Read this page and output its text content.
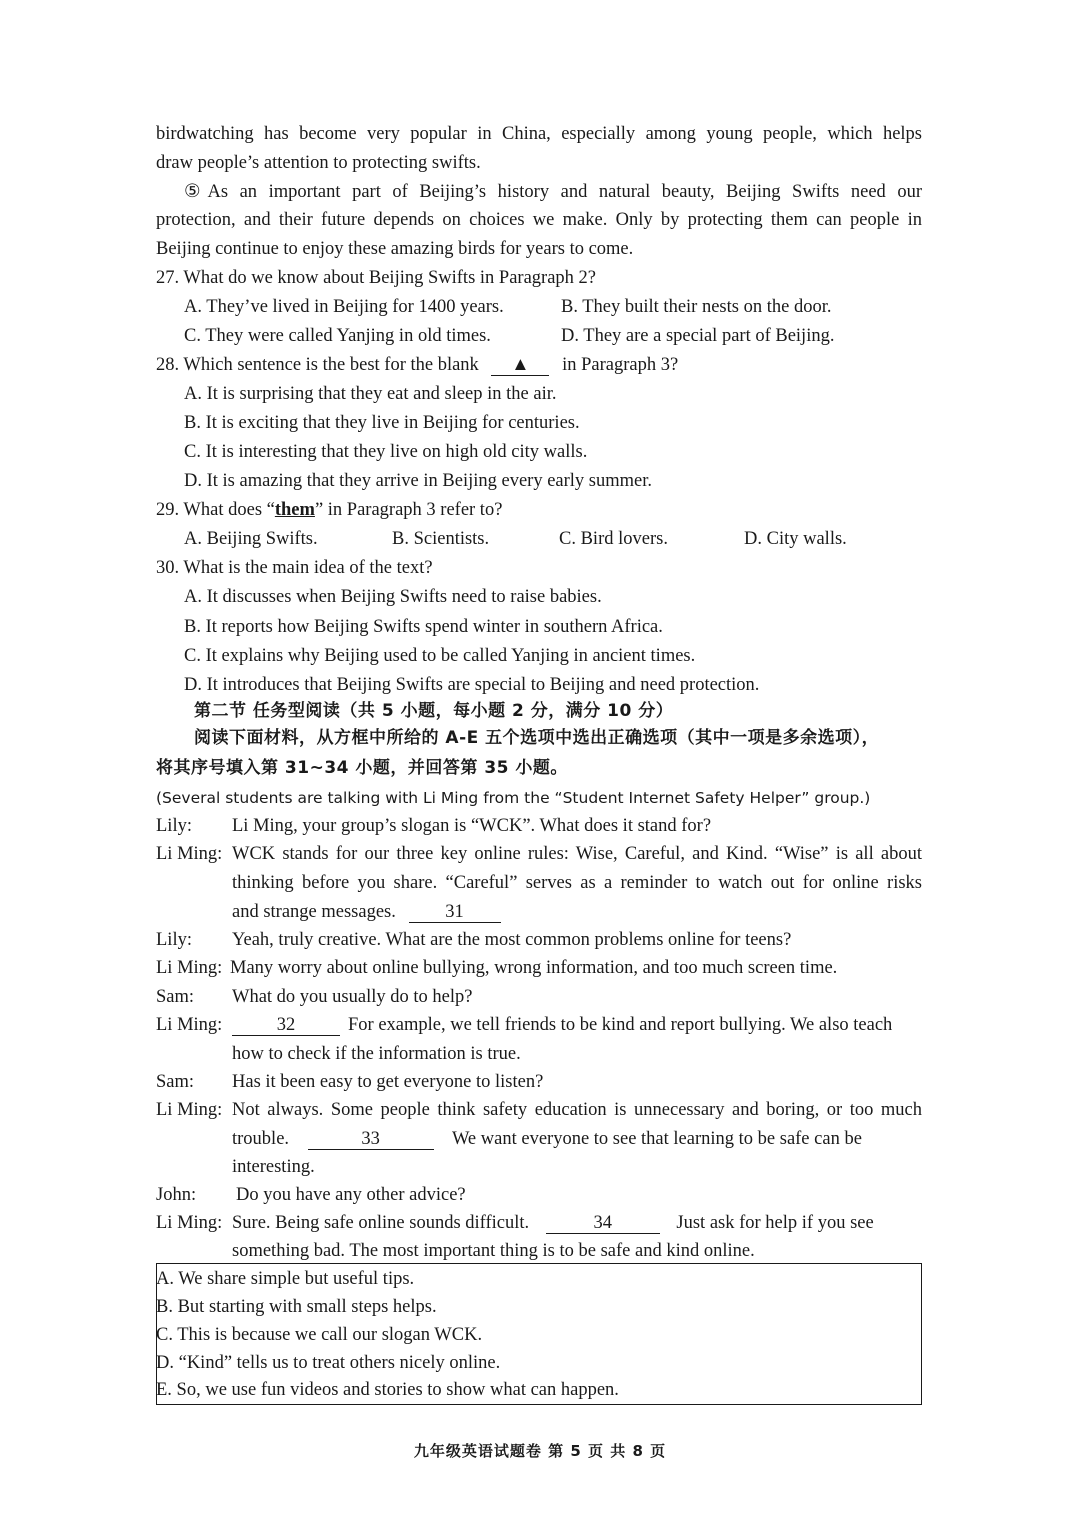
birdwatching has become very popular in China, especially among young people, which helps
draw people’s attention to protecting swifts.
⑤As an important part of Beijing’s history and natural beauty, Beijing Swifts need our
protection, and their future depends on choices we make. Only by protecting them can people in
Beijing continue to enjoy these amazing birds for years to come.
27. What do we know about Beijing Swifts in Paragraph 2?
A. They’ve lived in Beijing for 1400 years.	B. They built their nests on the door.
C. They were called Yanjing in old times.	D. They are a special part of Beijing.
28. Which sentence is the best for the blank ▲ in Paragraph 3?
A. It is surprising that they eat and sleep in the air.
B. It is exciting that they live in Beijing for centuries.
C. It is interesting that they live on high old city walls.
D. It is amazing that they arrive in Beijing every early summer.
29. What does “them” in Paragraph 3 refer to?
A. Beijing Swifts.	B. Scientists.	C. Bird lovers.	D. City walls.
30. What is the main idea of the text?
A. It discusses when Beijing Swifts need to raise babies.
B. It reports how Beijing Swifts spend winter in southern Africa.
C. It explains why Beijing used to be called Yanjing in ancient times.
D. It introduces that Beijing Swifts are special to Beijing and need protection.
第二节 任务型阅读（共 5 小题，每小题 2 分，满分 10 分）
阅读下面材料，从方框中所给的 A-E 五个选项中选出正确选项（其中一项是多余选项），
将其序号填入第 31~34 小题，并回答第 35 小题。
(Several students are talking with Li Ming from the “Student Internet Safety Helper” group.)
Lily: Li Ming, your group’s slogan is “WCK”. What does it stand for?
Li Ming: WCK stands for our three key online rules: Wise, Careful, and Kind. “Wise” is all about
thinking before you share. “Careful” serves as a reminder to watch out for online risks
and strange messages.	31
Lily: Yeah, truly creative. What are the most common problems online for teens?
Li Ming: Many worry about online bullying, wrong information, and too much screen time.
Sam: What do you usually do to help?
Li Ming:	32	For example, we tell friends to be kind and report bullying. We also teach
how to check if the information is true.
Sam: Has it been easy to get everyone to listen?
Li Ming: Not always. Some people think safety education is unnecessary and boring, or too much
trouble.	33	We want everyone to see that learning to be safe can be
interesting.
John: Do you have any other advice?
Li Ming: Sure. Being safe online sounds difficult.	34	Just ask for help if you see
something bad. The most important thing is to be safe and kind online.
A. We share simple but useful tips.
B. But starting with small steps helps.
C. This is because we call our slogan WCK.
D. “Kind” tells us to treat others nicely online.
E. So, we use fun videos and stories to show what can happen.
九年级英语试题卷 第 5 页 共 8 页
